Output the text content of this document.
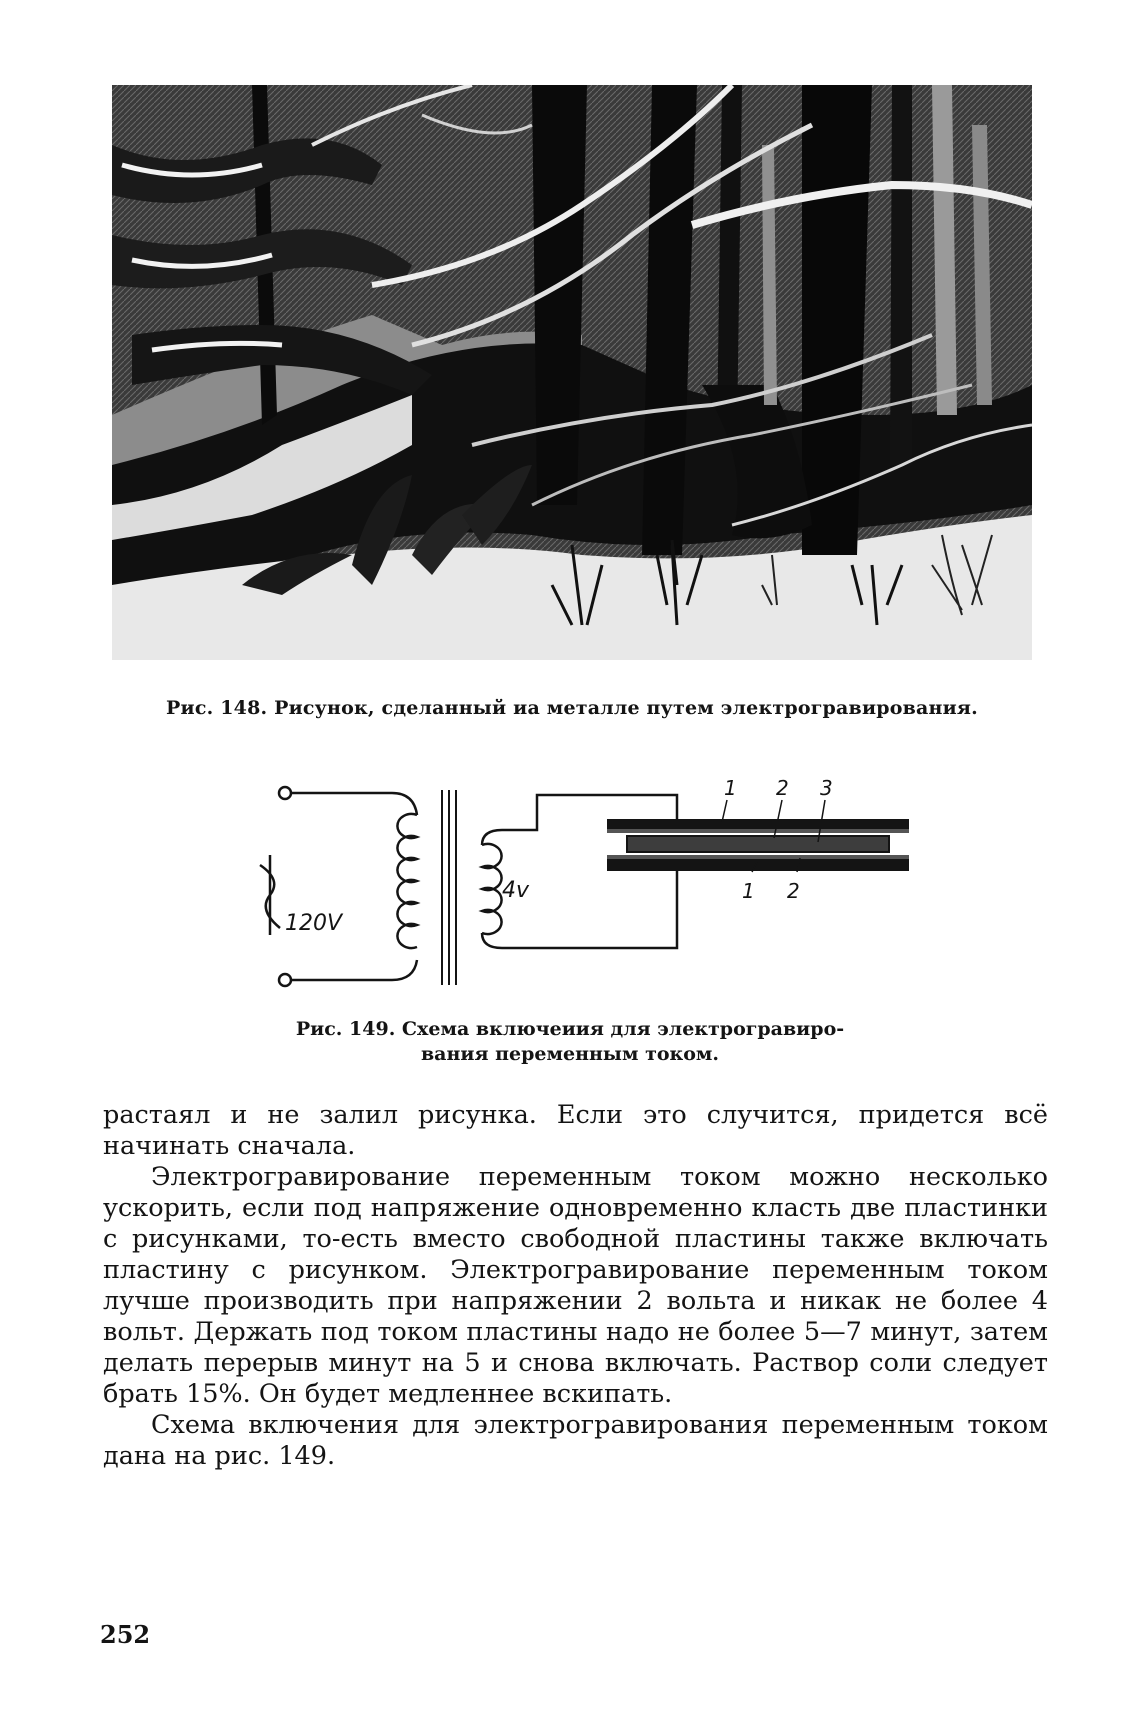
Рис. 148. Рисунок, сделанный иа металле путем электрогравирования.
120V
4v
1 2 3
1 2
Рис. 149. Схема включеиия для электрогравиро-
вания переменным током.

растаял и не залил рисунка. Если это случится, придется всё начинать сначала.

Электрогравирование переменным током можно несколько ускорить, если под напряжение одновременно класть две пластинки с рисунками, то-есть вместо свободной пластины также включать пластину с рисунком. Электрогравирование переменным током лучше производить при напряжении 2 вольта и никак не более 4 вольт. Держать под током пластины надо не более 5—7 минут, затем делать перерыв минут на 5 и снова включать. Раствор соли следует брать 15%. Он будет медленнее вскипать.

Схема включения для электрогравирования переменным током дана на рис. 149.

252
